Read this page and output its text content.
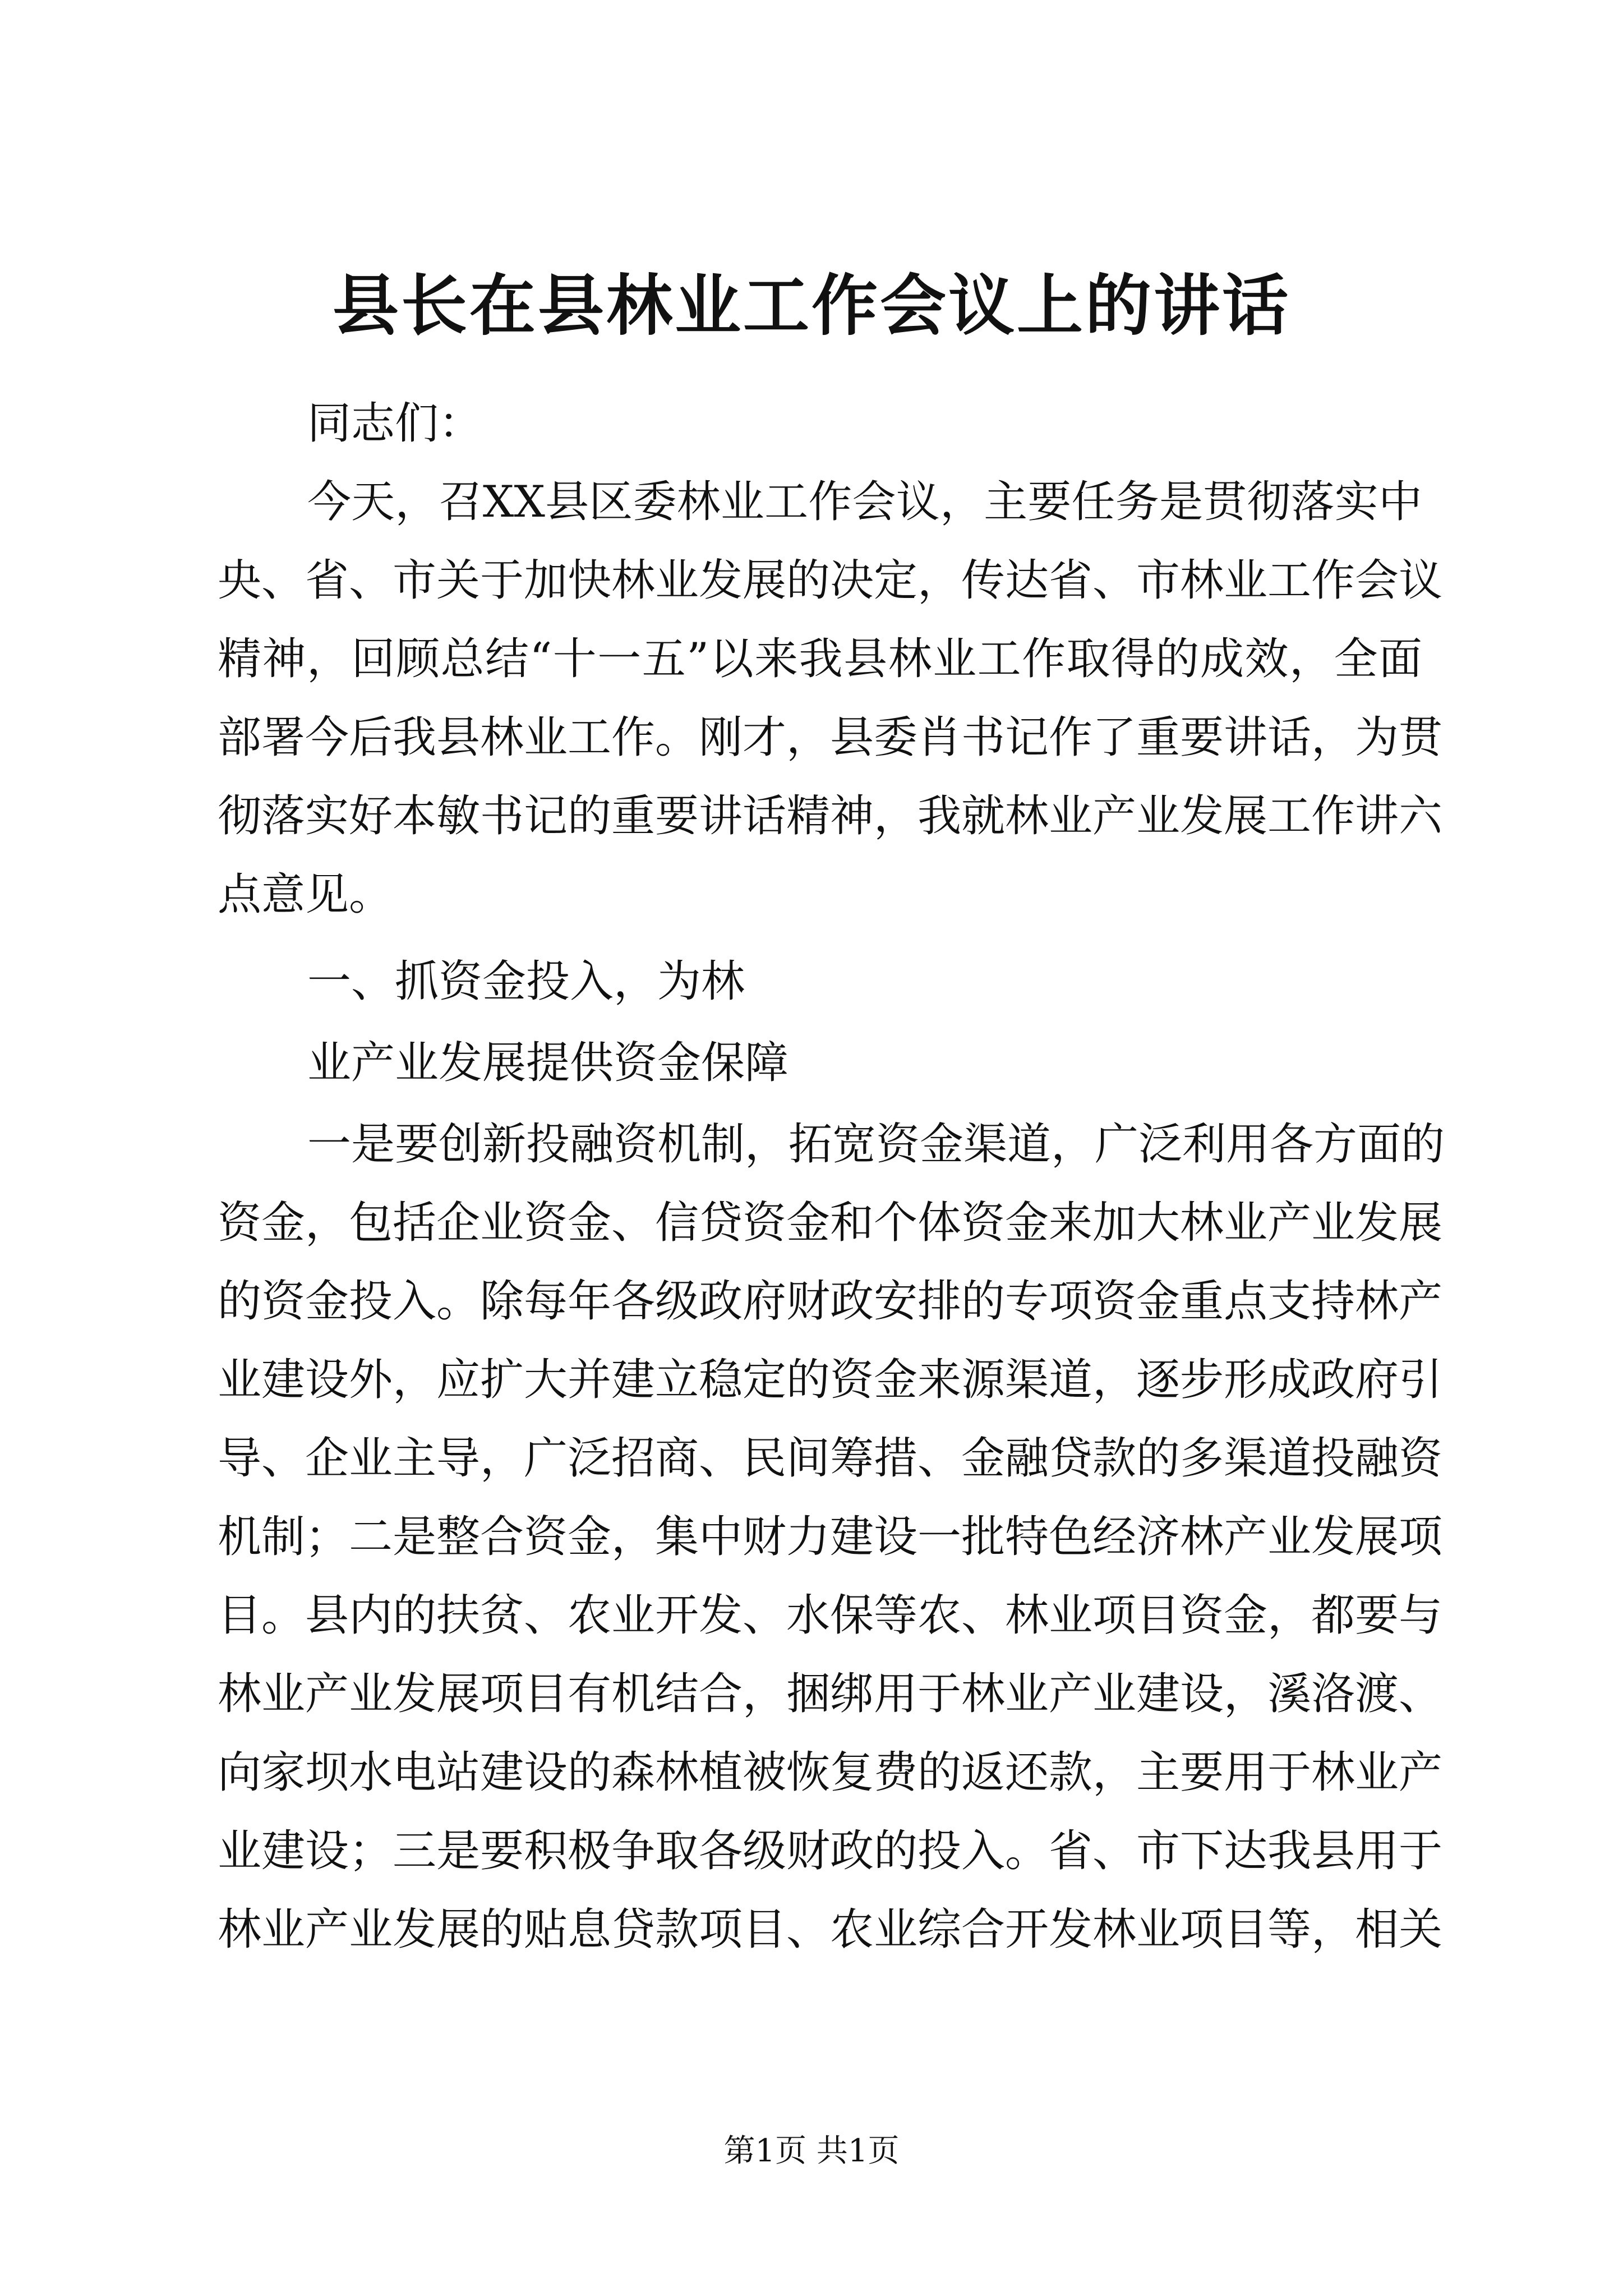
县长在县林业工作会议上的讲话

同志们：

今天，召XX县区委林业工作会议，主要任务是贯彻落实中

央、省、市关于加快林业发展的决定，传达省、市林业工作会议

精神，回顾总结“十一五”以来我县林业工作取得的成效，全面

部署今后我县林业工作。刚才，县委肖书记作了重要讲话，为贯

彻落实好本敏书记的重要讲话精神，我就林业产业发展工作讲六

点意见。

一、抓资金投入，为林

业产业发展提供资金保障

一是要创新投融资机制，拓宽资金渠道，广泛利用各方面的

资金，包括企业资金、信贷资金和个体资金来加大林业产业发展

的资金投入。除每年各级政府财政安排的专项资金重点支持林产

业建设外，应扩大并建立稳定的资金来源渠道，逐步形成政府引

导、企业主导，广泛招商、民间筹措、金融贷款的多渠道投融资

机制；二是整合资金，集中财力建设一批特色经济林产业发展项

目。县内的扶贫、农业开发、水保等农、林业项目资金，都要与

林业产业发展项目有机结合，捆绑用于林业产业建设，溪洛渡、

向家坝水电站建设的森林植被恢复费的返还款，主要用于林业产

业建设；三是要积极争取各级财政的投入。省、市下达我县用于

林业产业发展的贴息贷款项目、农业综合开发林业项目等，相关

第1页 共1页
